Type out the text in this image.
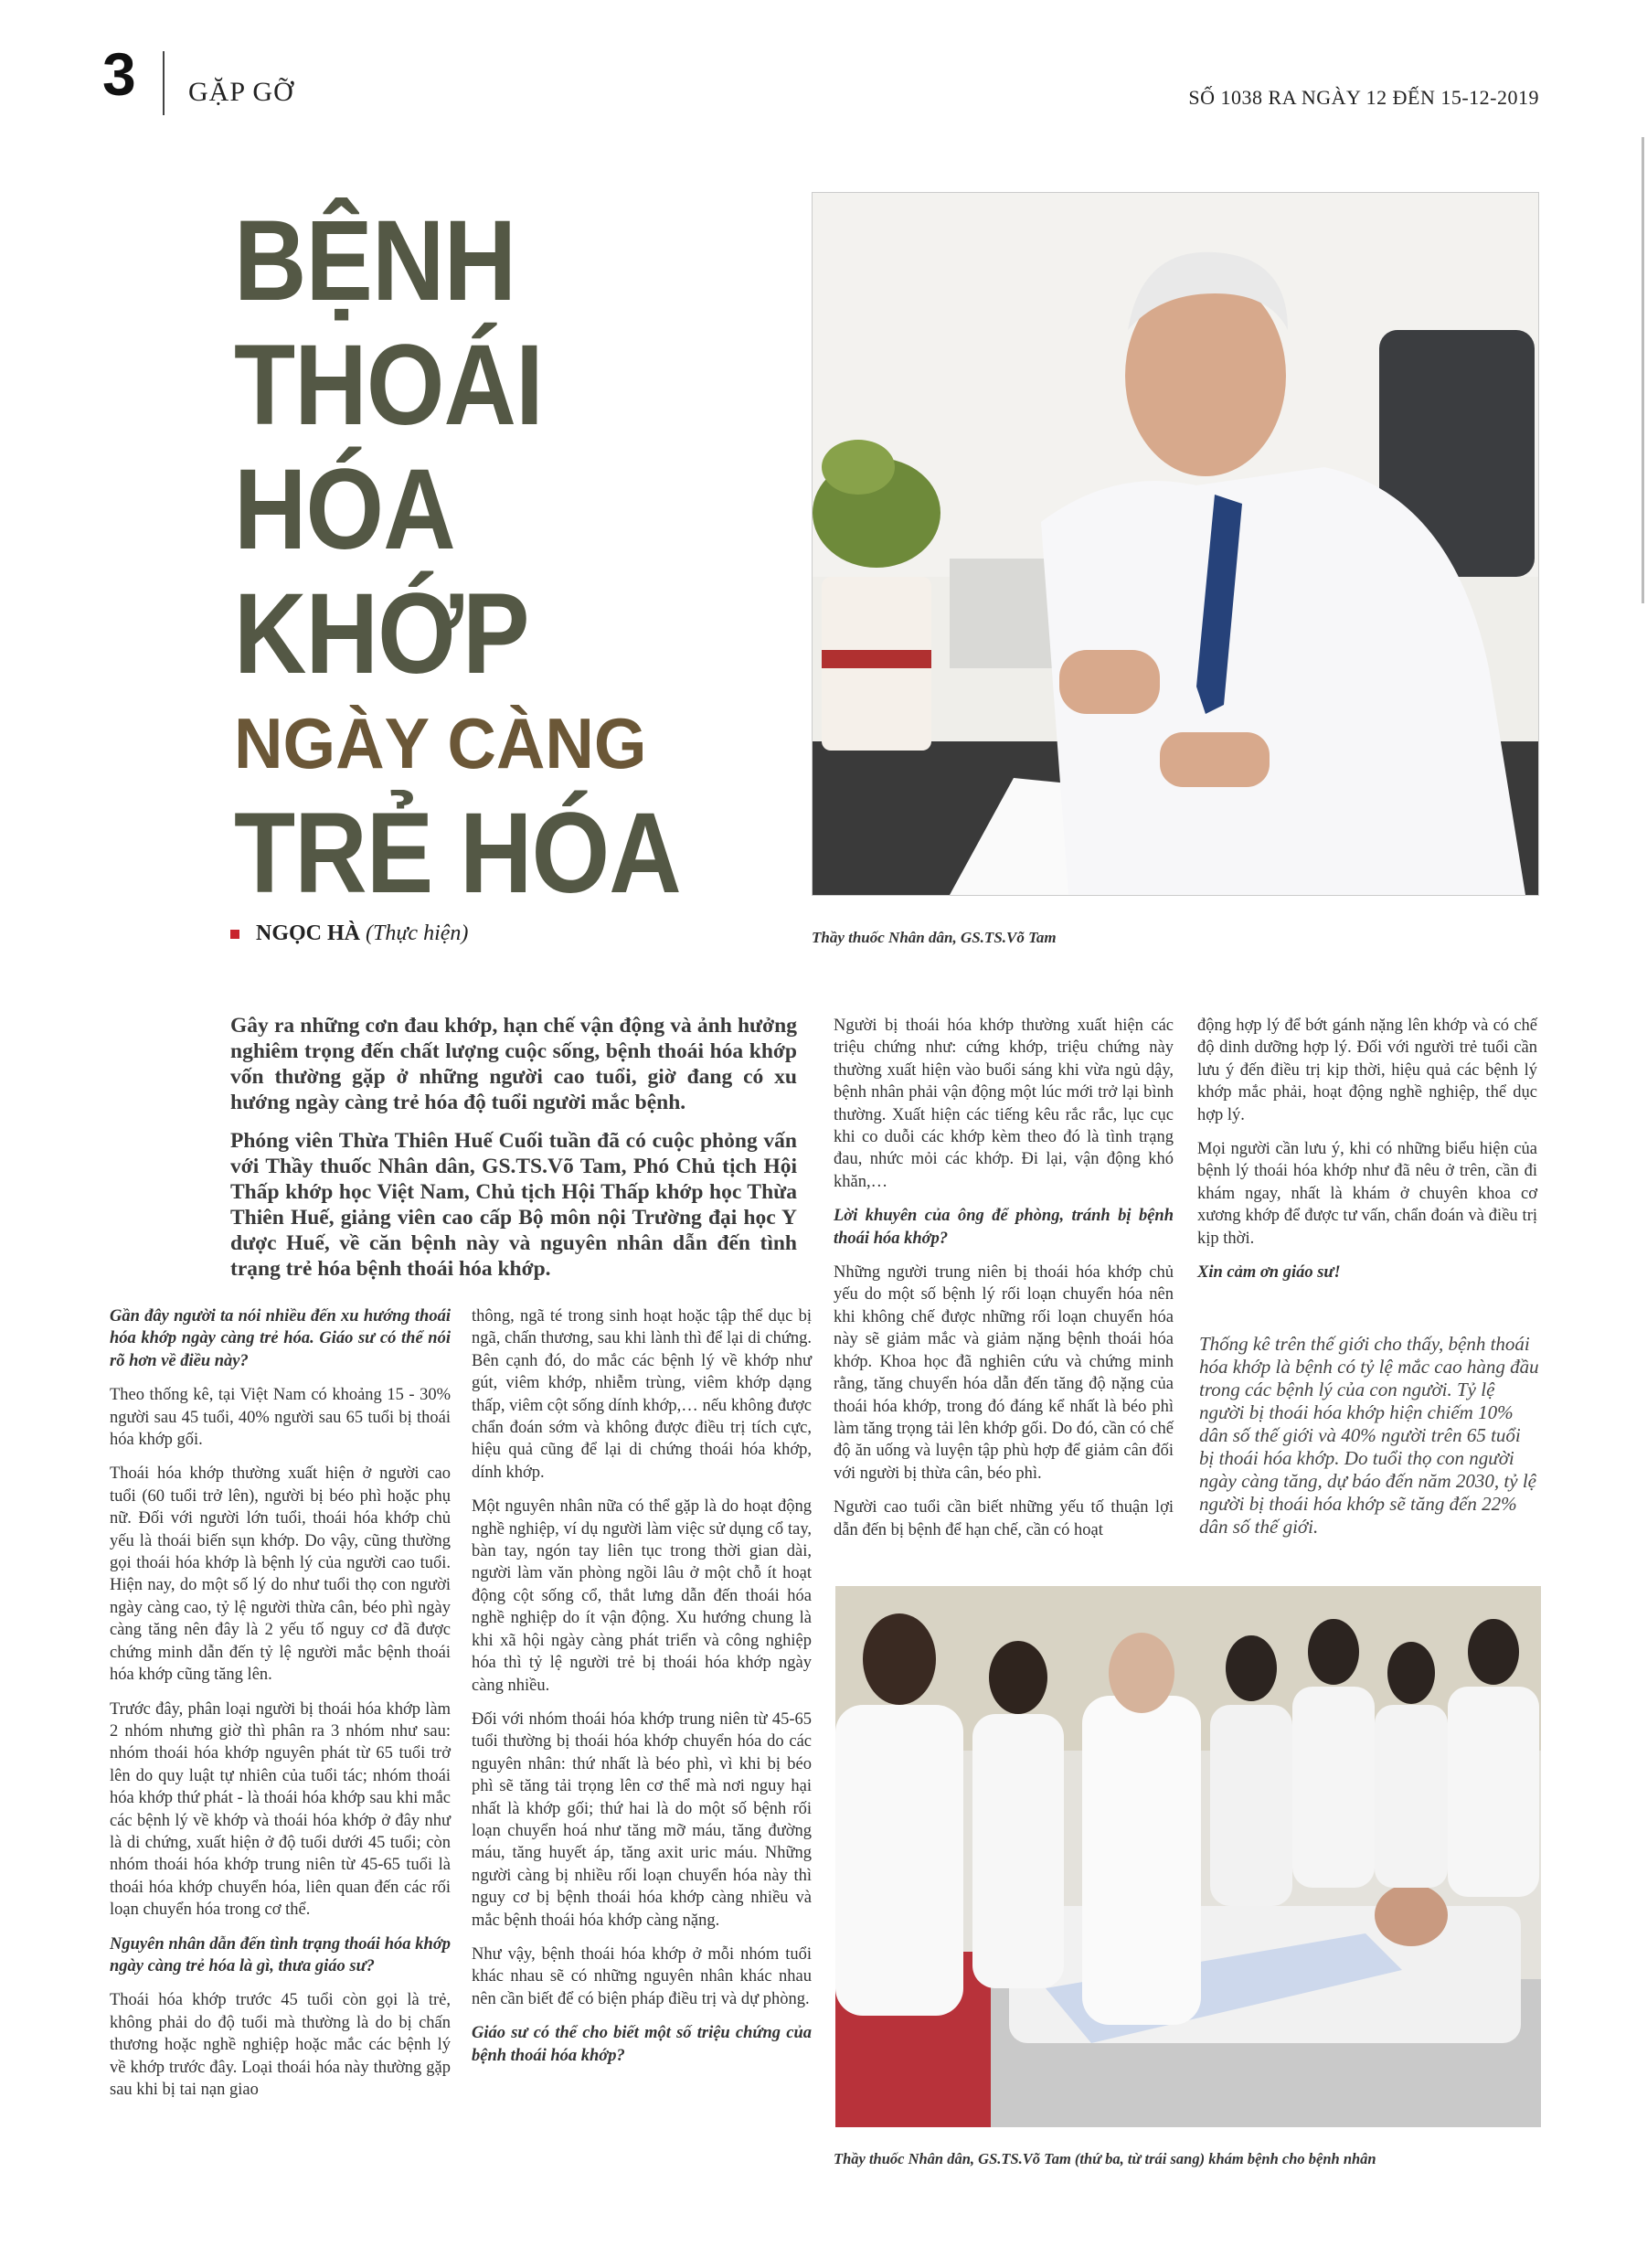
3 GẶP GỠ	SỐ 1038 RA NGÀY 12 ĐẾN 15-12-2019
BỆNH
THOÁI
HÓA
KHỚP
NGÀY CÀNG
TRẺ HÓA
NGỌC HÀ (Thực hiện)	Thầy thuốc Nhân dân, GS.TS.Võ Tam

Gây ra những cơn đau khớp, hạn chế vận động và ảnh hưởng nghiêm trọng đến chất lượng cuộc sống, bệnh thoái hóa khớp vốn thường gặp ở những người cao tuổi, giờ đang có xu hướng ngày càng trẻ hóa độ tuổi người mắc bệnh.

Phóng viên Thừa Thiên Huế Cuối tuần đã có cuộc phỏng vấn với Thầy thuốc Nhân dân, GS.TS.Võ Tam, Phó Chủ tịch Hội Thấp khớp học Việt Nam, Chủ tịch Hội Thấp khớp học Thừa Thiên Huế, giảng viên cao cấp Bộ môn nội Trường đại học Y dược Huế, về căn bệnh này và nguyên nhân dẫn đến tình trạng trẻ hóa bệnh thoái hóa khớp.

Gần đây người ta nói nhiều đến xu hướng thoái hóa khớp ngày càng trẻ hóa. Giáo sư có thể nói rõ hơn về điều này?

Theo thống kê, tại Việt Nam có khoảng 15 - 30% người sau 45 tuổi, 40% người sau 65 tuổi bị thoái hóa khớp gối.

Thoái hóa khớp thường xuất hiện ở người cao tuổi (60 tuổi trở lên), người bị béo phì hoặc phụ nữ. Đối với người lớn tuổi, thoái hóa khớp chủ yếu là thoái biến sụn khớp. Do vậy, cũng thường gọi thoái hóa khớp là bệnh lý của người cao tuổi. Hiện nay, do một số lý do như tuổi thọ con người ngày càng cao, tỷ lệ người thừa cân, béo phì ngày càng tăng nên đây là 2 yếu tố nguy cơ đã được chứng minh dẫn đến tỷ lệ người mắc bệnh thoái hóa khớp cũng tăng lên.

Trước đây, phân loại người bị thoái hóa khớp làm 2 nhóm nhưng giờ thì phân ra 3 nhóm như sau: nhóm thoái hóa khớp nguyên phát từ 65 tuổi trở lên do quy luật tự nhiên của tuổi tác; nhóm thoái hóa khớp thứ phát - là thoái hóa khớp sau khi mắc các bệnh lý về khớp và thoái hóa khớp ở đây như là di chứng, xuất hiện ở độ tuổi dưới 45 tuổi; còn nhóm thoái hóa khớp trung niên từ 45-65 tuổi là thoái hóa khớp chuyển hóa, liên quan đến các rối loạn chuyển hóa trong cơ thể.

Nguyên nhân dẫn đến tình trạng thoái hóa khớp ngày càng trẻ hóa là gì, thưa giáo sư?

Thoái hóa khớp trước 45 tuổi còn gọi là trẻ, không phải do độ tuổi mà thường là do bị chấn thương hoặc nghề nghiệp hoặc mắc các bệnh lý về khớp trước đây. Loại thoái hóa này thường gặp sau khi bị tai nạn giao

thông, ngã té trong sinh hoạt hoặc tập thể dục bị ngã, chấn thương, sau khi lành thì để lại di chứng. Bên cạnh đó, do mắc các bệnh lý về khớp như gút, viêm khớp, nhiễm trùng, viêm khớp dạng thấp, viêm cột sống dính khớp,… nếu không được chẩn đoán sớm và không được điều trị tích cực, hiệu quả cũng để lại di chứng thoái hóa khớp, dính khớp.

Một nguyên nhân nữa có thể gặp là do hoạt động nghề nghiệp, ví dụ người làm việc sử dụng cổ tay, bàn tay, ngón tay liên tục trong thời gian dài, người làm văn phòng ngồi lâu ở một chỗ ít hoạt động cột sống cổ, thắt lưng dẫn đến thoái hóa nghề nghiệp do ít vận động. Xu hướng chung là khi xã hội ngày càng phát triển và công nghiệp hóa thì tỷ lệ người trẻ bị thoái hóa khớp ngày càng nhiều.

Đối với nhóm thoái hóa khớp trung niên từ 45-65 tuổi thường bị thoái hóa khớp chuyển hóa do các nguyên nhân: thứ nhất là béo phì, vì khi bị béo phì sẽ tăng tải trọng lên cơ thể mà nơi nguy hại nhất là khớp gối; thứ hai là do một số bệnh rối loạn chuyển hoá như tăng mỡ máu, tăng đường máu, tăng huyết áp, tăng axit uric máu. Những người càng bị nhiều rối loạn chuyển hóa này thì nguy cơ bị bệnh thoái hóa khớp càng nhiều và mắc bệnh thoái hóa khớp càng nặng.

Như vậy, bệnh thoái hóa khớp ở mỗi nhóm tuổi khác nhau sẽ có những nguyên nhân khác nhau nên cần biết để có biện pháp điều trị và dự phòng.

Giáo sư có thể cho biết một số triệu chứng của bệnh thoái hóa khớp?

Người bị thoái hóa khớp thường xuất hiện các triệu chứng như: cứng khớp, triệu chứng này thường xuất hiện vào buổi sáng khi vừa ngủ dậy, bệnh nhân phải vận động một lúc mới trở lại bình thường. Xuất hiện các tiếng kêu rắc rắc, lục cục khi co duỗi các khớp kèm theo đó là tình trạng đau, nhức mỏi các khớp. Đi lại, vận động khó khăn,…

Lời khuyên của ông để phòng, tránh bị bệnh thoái hóa khớp?

Những người trung niên bị thoái hóa khớp chủ yếu do một số bệnh lý rối loạn chuyển hóa nên khi không chế được những rối loạn chuyển hóa này sẽ giảm mắc và giảm nặng bệnh thoái hóa khớp. Khoa học đã nghiên cứu và chứng minh rằng, tăng chuyển hóa dẫn đến tăng độ nặng của thoái hóa khớp, trong đó đáng kể nhất là béo phì làm tăng trọng tải lên khớp gối. Do đó, cần có chế độ ăn uống và luyện tập phù hợp để giảm cân đối với người bị thừa cân, béo phì.

Người cao tuổi cần biết những yếu tố thuận lợi dẫn đến bị bệnh để hạn chế, cần có hoạt

động hợp lý để bớt gánh nặng lên khớp và có chế độ dinh dưỡng hợp lý. Đối với người trẻ tuổi cần lưu ý đến điều trị kịp thời, hiệu quả các bệnh lý khớp mắc phải, hoạt động nghề nghiệp, thể dục hợp lý.

Mọi người cần lưu ý, khi có những biểu hiện của bệnh lý thoái hóa khớp như đã nêu ở trên, cần đi khám ngay, nhất là khám ở chuyên khoa cơ xương khớp để được tư vấn, chẩn đoán và điều trị kịp thời.

Xin cảm ơn giáo sư!

Thống kê trên thế giới cho thấy, bệnh thoái hóa khớp là bệnh có tỷ lệ mắc cao hàng đầu trong các bệnh lý của con người. Tỷ lệ người bị thoái hóa khớp hiện chiếm 10% dân số thế giới và 40% người trên 65 tuổi bị thoái hóa khớp. Do tuổi thọ con người ngày càng tăng, dự báo đến năm 2030, tỷ lệ người bị thoái hóa khớp sẽ tăng đến 22% dân số thế giới.
Thầy thuốc Nhân dân, GS.TS.Võ Tam (thứ ba, từ trái sang) khám bệnh cho bệnh nhân
